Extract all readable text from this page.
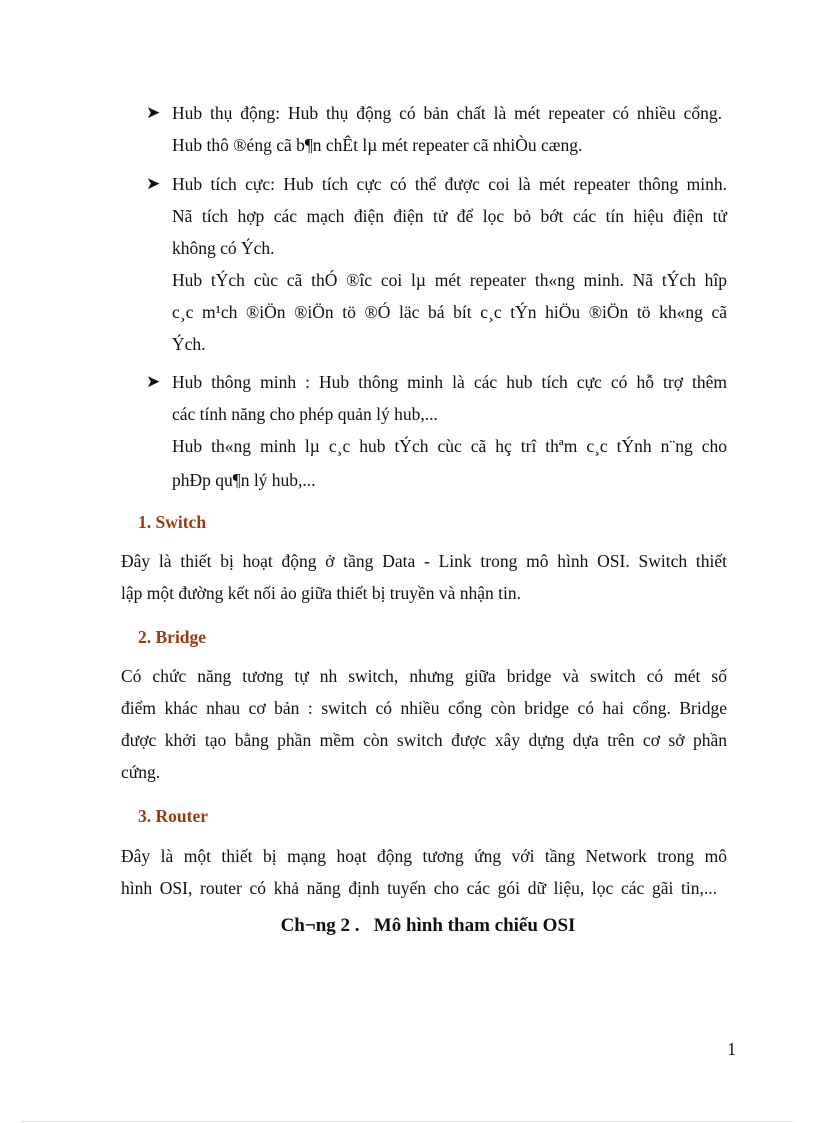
➤ Hub thụ động: Hub thụ động có bản chất là mét repeater có nhiều cổng.
Hub thô ®éng cã b¶n chÊt lµ mét repeater cã nhiÒu cæng.
➤ Hub tích cực: Hub tích cực có thể được coi là mét repeater thông minh.
Nã tích hợp các mạch điện điện tử để lọc bỏ bớt các tín hiệu điện tử
không có Ých.
Hub tÝch cùc cã thÓ ®îc coi lµ mét repeater th«ng minh. Nã tÝch hîp
c¸c m¹ch ®iÖn ®iÖn tö ®Ó läc bá bít c¸c tÝn hiÖu ®iÖn tö kh«ng cã
Ých.
➤ Hub thông minh : Hub thông minh là các hub tích cực có hỗ trợ thêm
các tính năng cho phép quản lý hub,...
Hub th«ng minh lµ c¸c hub tÝch cùc cã hç trî thªm c¸c tÝnh n¨ng cho
phÐp qu¶n lý hub,...
1. Switch
Đây là thiết bị hoạt động ở tầng Data - Link trong mô hình OSI. Switch thiết
lập một đường kết nối ảo giữa thiết bị truyền và nhận tin.
2. Bridge
Có chức năng tương tự nh switch, nhưng giữa bridge và switch có mét số
điểm khác nhau cơ bản : switch có nhiều cổng còn bridge có hai cổng. Bridge
được khởi tạo bằng phần mềm còn switch được xây dựng dựa trên cơ sở phần
cứng.
3. Router
Đây là một thiết bị mạng hoạt động tương ứng với tầng Network trong mô
hình OSI, router có khả năng định tuyến cho các gói dữ liệu, lọc các gãi tin,...
Ch¬ng 2 .   Mô hình tham chiếu OSI
1
